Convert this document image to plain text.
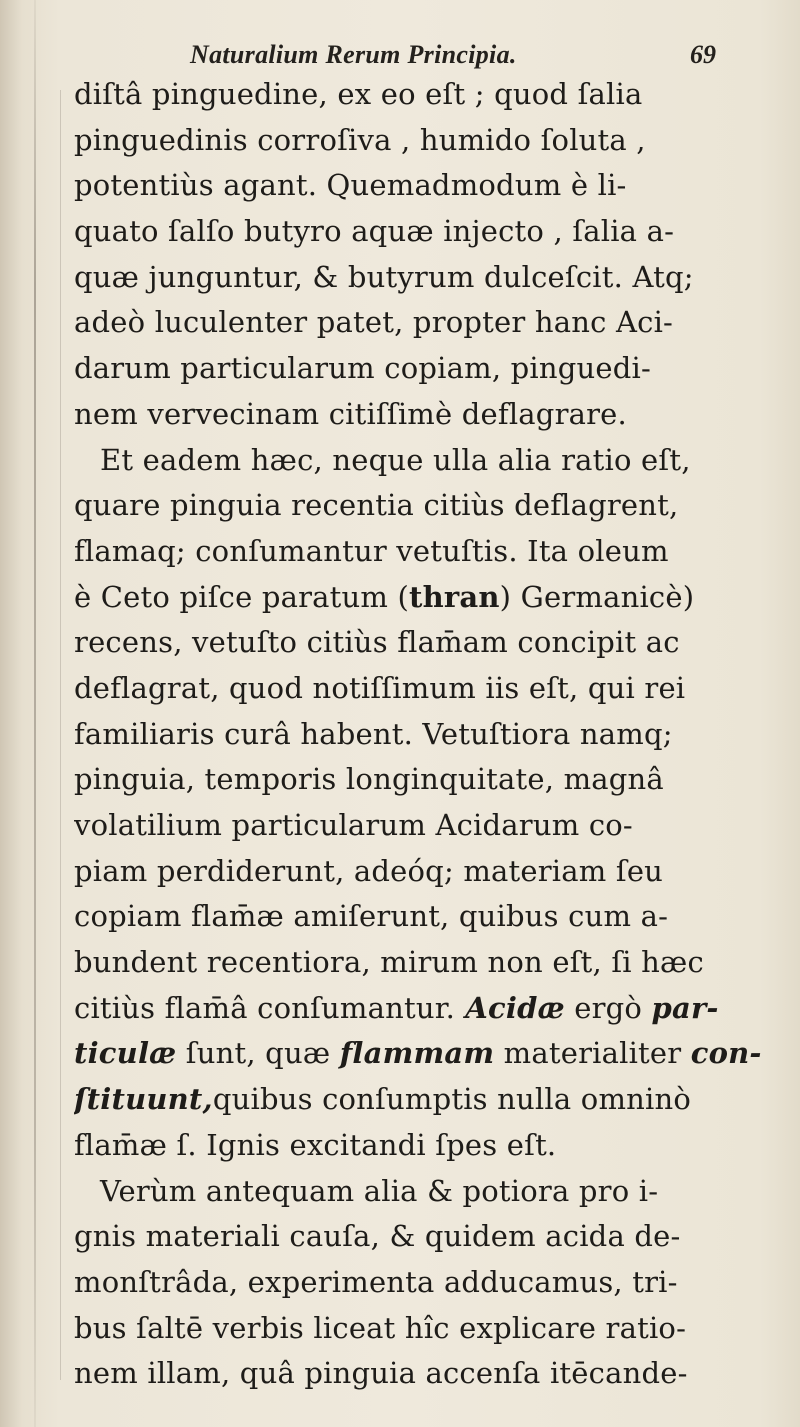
Naturalium Rerum Principia.	69
diſtâ pinguedine, ex eo eſt ; quod ſalia
pinguedinis corroſiva , humido ſoluta ,
potentiùs agant. Quemadmodum è li-
quato ſalſo butyro aquæ injecto , ſalia a-
quæ junguntur, & butyrum dulceſcit. Atq;
adeò luculenter patet, propter hanc Aci-
darum particularum copiam, pinguedi-
nem vervecinam citiſſimè deflagrare.
Et eadem hæc, neque ulla alia ratio eſt,
quare pinguia recentia citiùs deflagrent,
flamaq; conſumantur vetuſtis. Ita oleum
è Ceto piſce paratum (thran) Germanicè)
recens, vetuſto citiùs flam̄am concipit ac
deflagrat, quod notiſſimum iis eſt, qui rei
familiaris curâ habent. Vetuſtiora namq;
pinguia, temporis longinquitate, magnâ
volatilium particularum Acidarum co-
piam perdiderunt, adeóq; materiam ſeu
copiam flam̄æ amiſerunt, quibus cum a-
bundent recentiora, mirum non eſt, ſi hæc
citiùs flam̄â conſumantur. Acidæ ergò par-
ticulæ ſunt, quæ flammam materialiter con-
ſtituunt,quibus conſumptis nulla omninò
flam̄æ ſ. Ignis excitandi ſpes eſt.
Verùm antequam alia & potiora pro i-
gnis materiali cauſa, & quidem acida de-
monſtrâda, experimenta adducamus, tri-
bus ſaltē verbis liceat hîc explicare ratio-
nem illam, quâ pinguia accenſa itēcande-
